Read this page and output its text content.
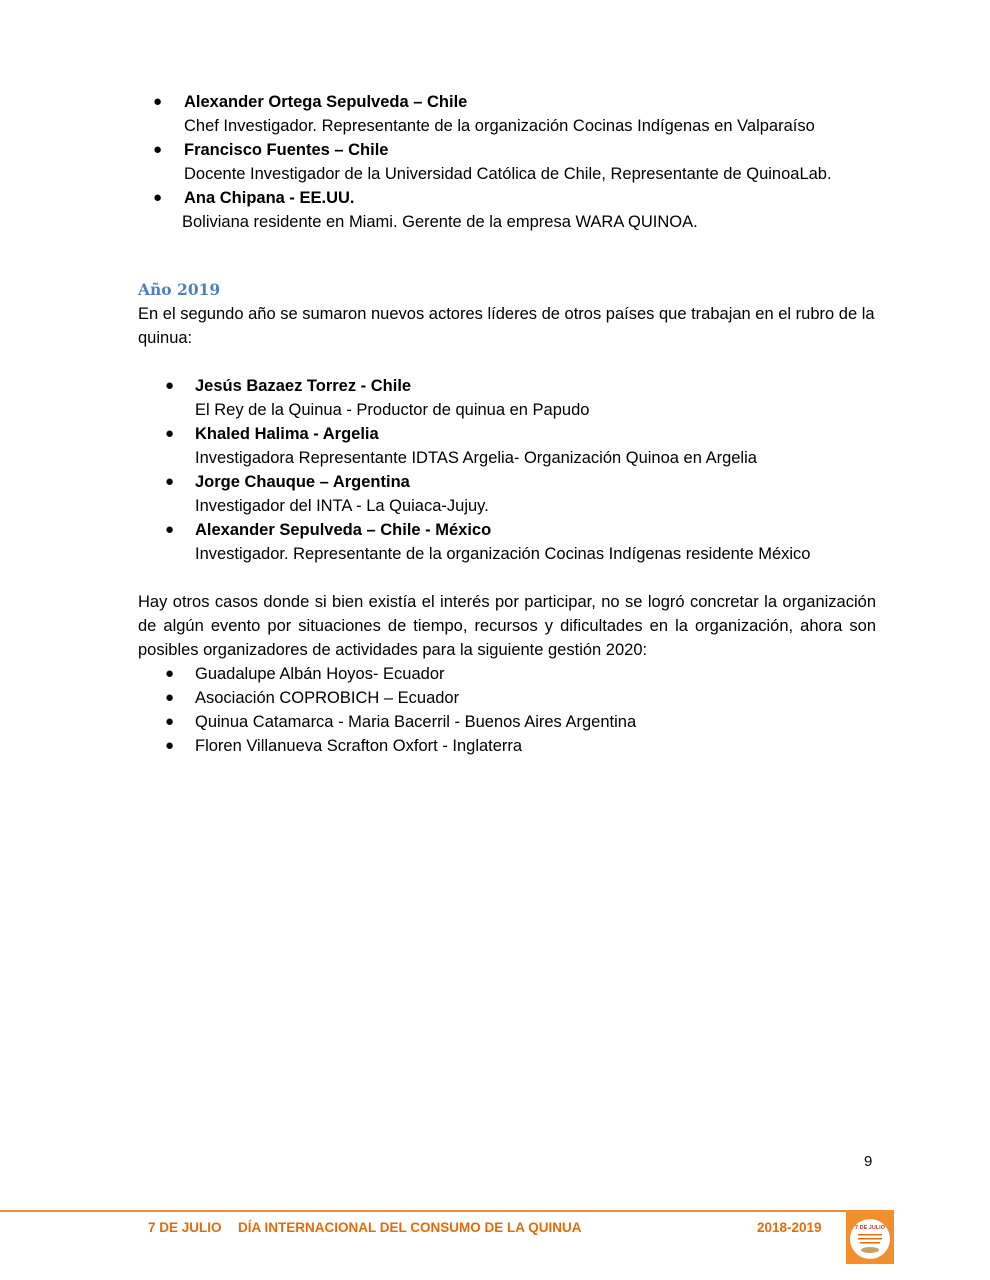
● Alexander Ortega Sepulveda – Chile
Chef Investigador. Representante de la organización Cocinas Indígenas en Valparaíso
● Francisco Fuentes – Chile
Docente Investigador de la Universidad Católica de Chile, Representante de QuinoaLab.
● Ana Chipana - EE.UU.
Boliviana residente en Miami. Gerente de la empresa WARA QUINOA.
Año 2019

En el segundo año se sumaron nuevos actores líderes de otros países que trabajan en el rubro de la quinua:

● Jesús Bazaez Torrez - Chile
El Rey de la Quinua - Productor de quinua en Papudo
● Khaled Halima - Argelia
Investigadora Representante IDTAS Argelia- Organización Quinoa en Argelia
● Jorge Chauque – Argentina
Investigador del INTA - La Quiaca-Jujuy.
● Alexander Sepulveda – Chile - México
Investigador. Representante de la organización Cocinas Indígenas residente México

Hay otros casos donde si bien existía el interés por participar, no se logró concretar la organización de algún evento por situaciones de tiempo, recursos y dificultades en la organización, ahora son posibles organizadores de actividades para la siguiente gestión 2020:

● Guadalupe Albán Hoyos- Ecuador
● Asociación COPROBICH – Ecuador
● Quinua Catamarca - Maria Bacerril - Buenos Aires Argentina
● Floren Villanueva Scrafton Oxfort - Inglaterra
9
7 DE JULIO DÍA INTERNACIONAL DEL CONSUMO DE LA QUINUA	2018-2019	7 DE JULIO
